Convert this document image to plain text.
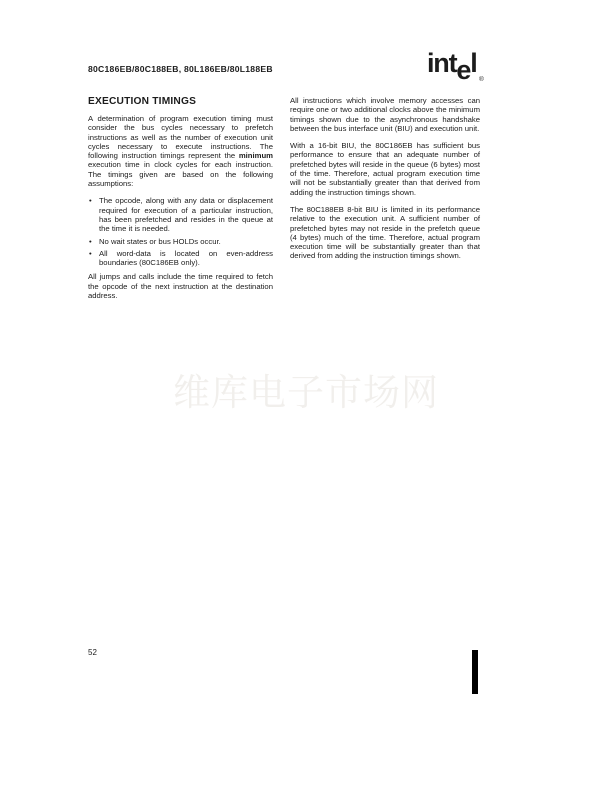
80C186EB/80C188EB, 80L186EB/80L188EB	intel®
EXECUTION TIMINGS

A determination of program execution timing must consider the bus cycles necessary to prefetch instructions as well as the number of execution unit cycles necessary to execute instructions. The following instruction timings represent the minimum execution time in clock cycles for each instruction. The timings given are based on the following assumptions:

• The opcode, along with any data or displacement required for execution of a particular instruction, has been prefetched and resides in the queue at the time it is needed.
• No wait states or bus HOLDs occur.
• All word-data is located on even-address boundaries (80C186EB only).

All jumps and calls include the time required to fetch the opcode of the next instruction at the destination address.

All instructions which involve memory accesses can require one or two additional clocks above the minimum timings shown due to the asynchronous handshake between the bus interface unit (BIU) and execution unit.

With a 16-bit BIU, the 80C186EB has sufficient bus performance to ensure that an adequate number of prefetched bytes will reside in the queue (6 bytes) most of the time. Therefore, actual program execution time will not be substantially greater than that derived from adding the instruction timings shown.

The 80C188EB 8-bit BIU is limited in its performance relative to the execution unit. A sufficient number of prefetched bytes may not reside in the prefetch queue (4 bytes) much of the time. Therefore, actual program execution time will be substantially greater than that derived from adding the instruction timings shown.

维库电子市场网
52
